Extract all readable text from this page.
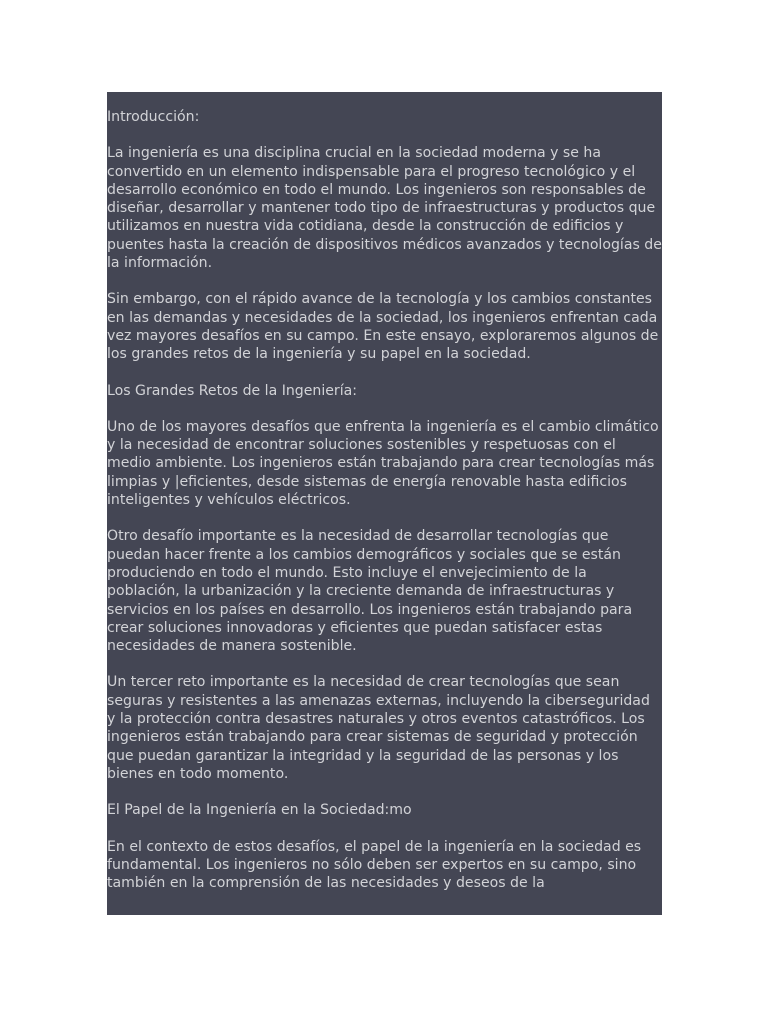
Introducción:

La ingeniería es una disciplina crucial en la sociedad moderna y se ha convertido en un elemento indispensable para el progreso tecnológico y el desarrollo económico en todo el mundo. Los ingenieros son responsables de diseñar, desarrollar y mantener todo tipo de infraestructuras y productos que utilizamos en nuestra vida cotidiana, desde la construcción de edificios y puentes hasta la creación de dispositivos médicos avanzados y tecnologías de la información.

Sin embargo, con el rápido avance de la tecnología y los cambios constantes en las demandas y necesidades de la sociedad, los ingenieros enfrentan cada vez mayores desafíos en su campo. En este ensayo, exploraremos algunos de los grandes retos de la ingeniería y su papel en la sociedad.

Los Grandes Retos de la Ingeniería:

Uno de los mayores desafíos que enfrenta la ingeniería es el cambio climático y la necesidad de encontrar soluciones sostenibles y respetuosas con el medio ambiente. Los ingenieros están trabajando para crear tecnologías más limpias y |eficientes, desde sistemas de energía renovable hasta edificios inteligentes y vehículos eléctricos.

Otro desafío importante es la necesidad de desarrollar tecnologías que puedan hacer frente a los cambios demográficos y sociales que se están produciendo en todo el mundo. Esto incluye el envejecimiento de la población, la urbanización y la creciente demanda de infraestructuras y servicios en los países en desarrollo. Los ingenieros están trabajando para crear soluciones innovadoras y eficientes que puedan satisfacer estas necesidades de manera sostenible.

Un tercer reto importante es la necesidad de crear tecnologías que sean seguras y resistentes a las amenazas externas, incluyendo la ciberseguridad y la protección contra desastres naturales y otros eventos catastróficos. Los ingenieros están trabajando para crear sistemas de seguridad y protección que puedan garantizar la integridad y la seguridad de las personas y los bienes en todo momento.

El Papel de la Ingeniería en la Sociedad:mo

En el contexto de estos desafíos, el papel de la ingeniería en la sociedad es fundamental. Los ingenieros no sólo deben ser expertos en su campo, sino también en la comprensión de las necesidades y deseos de la
